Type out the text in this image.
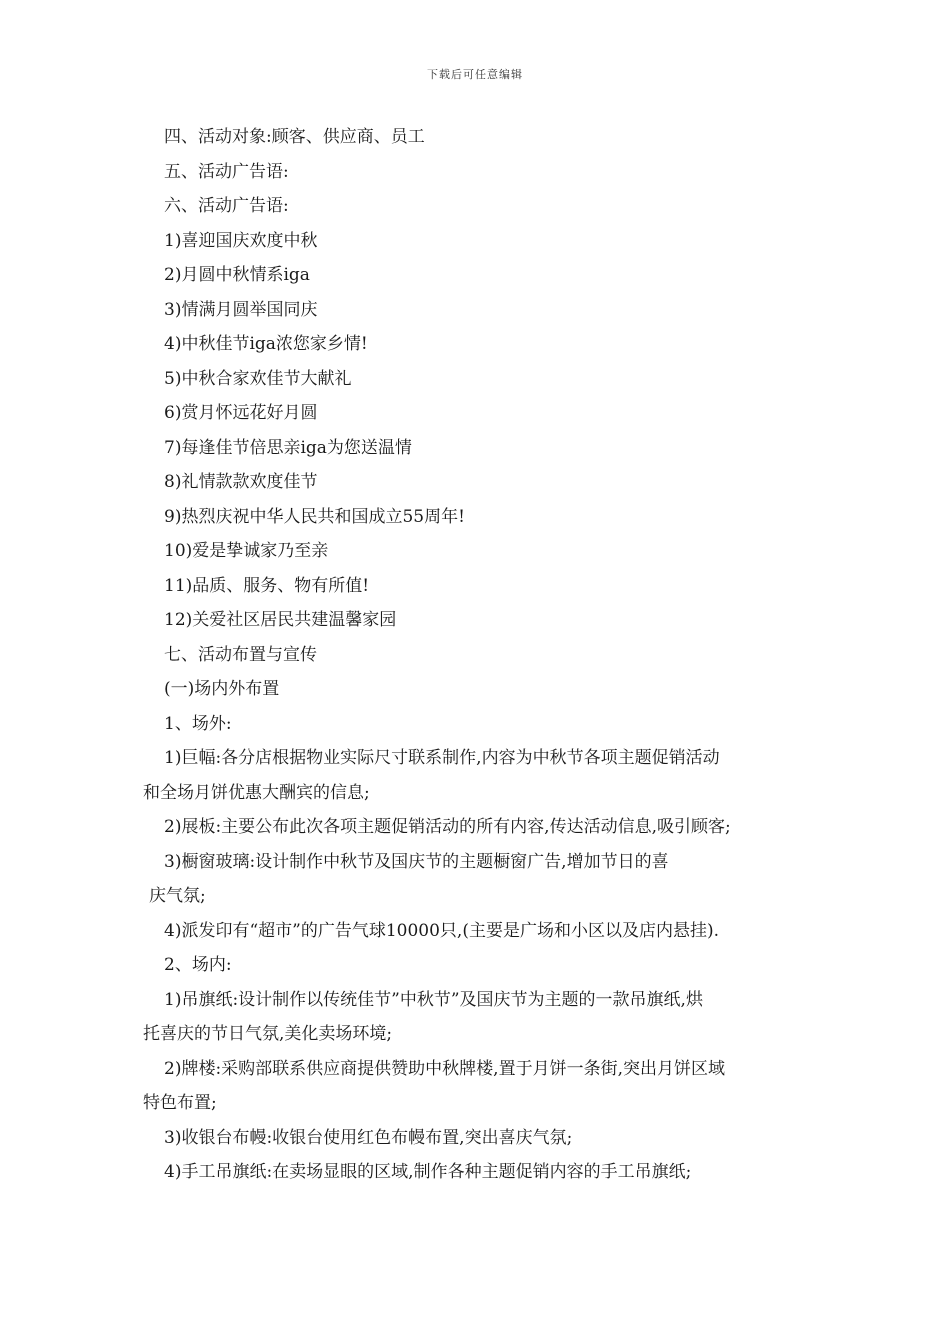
下载后可任意编辑
四、活动对象:顾客、供应商、员工
五、活动广告语:
六、活动广告语:
1)喜迎国庆欢度中秋
2)月圆中秋情系iga
3)情满月圆举国同庆
4)中秋佳节iga浓您家乡情!
5)中秋合家欢佳节大献礼
6)赏月怀远花好月圆
7)每逢佳节倍思亲iga为您送温情
8)礼情款款欢度佳节
9)热烈庆祝中华人民共和国成立55周年!
10)爱是挚诚家乃至亲
11)品质、服务、物有所值!
12)关爱社区居民共建温馨家园
七、活动布置与宣传
(一)场内外布置
1、场外:
1)巨幅:各分店根据物业实际尺寸联系制作,内容为中秋节各项主题促销活动
和全场月饼优惠大酬宾的信息;
2)展板:主要公布此次各项主题促销活动的所有内容,传达活动信息,吸引顾客;
3)橱窗玻璃:设计制作中秋节及国庆节的主题橱窗广告,增加节日的喜
庆气氛;
4)派发印有“超市”的广告气球10000只,(主要是广场和小区以及店内悬挂).
2、场内:
1)吊旗纸:设计制作以传统佳节”中秋节”及国庆节为主题的一款吊旗纸,烘
托喜庆的节日气氛,美化卖场环境;
2)牌楼:采购部联系供应商提供赞助中秋牌楼,置于月饼一条街,突出月饼区域
特色布置;
3)收银台布幔:收银台使用红色布幔布置,突出喜庆气氛;
4)手工吊旗纸:在卖场显眼的区域,制作各种主题促销内容的手工吊旗纸;
